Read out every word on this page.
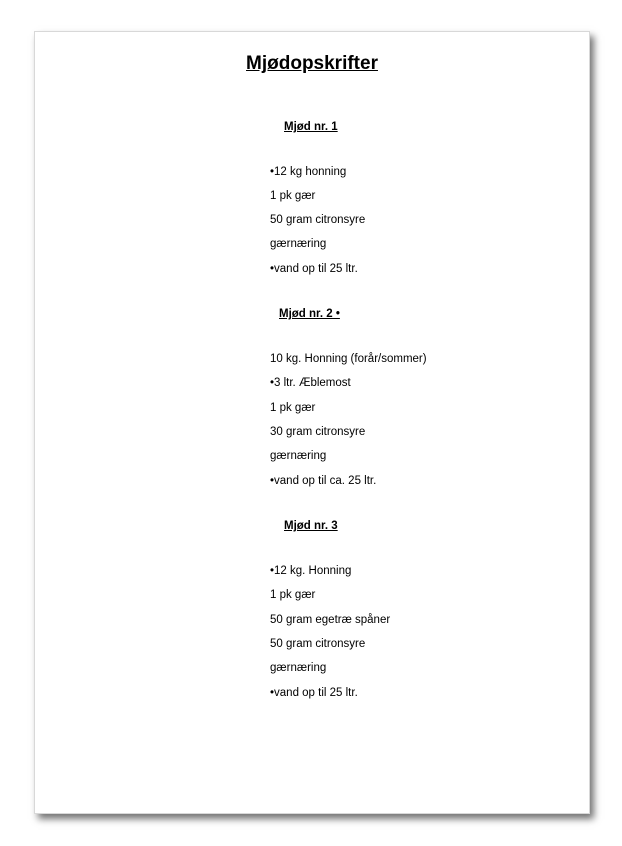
Mjødopskrifter
Mjød nr. 1
•12 kg honning
1 pk gær
50 gram citronsyre
gærnæring
•vand op til 25 ltr.
Mjød nr. 2 •
10 kg. Honning (forår/sommer)
•3 ltr. Æblemost
1 pk gær
30 gram citronsyre
gærnæring
•vand op til ca. 25 ltr.
Mjød nr. 3
•12 kg. Honning
1 pk gær
50 gram egetræ spåner
50 gram citronsyre
gærnæring
•vand op til 25 ltr.
